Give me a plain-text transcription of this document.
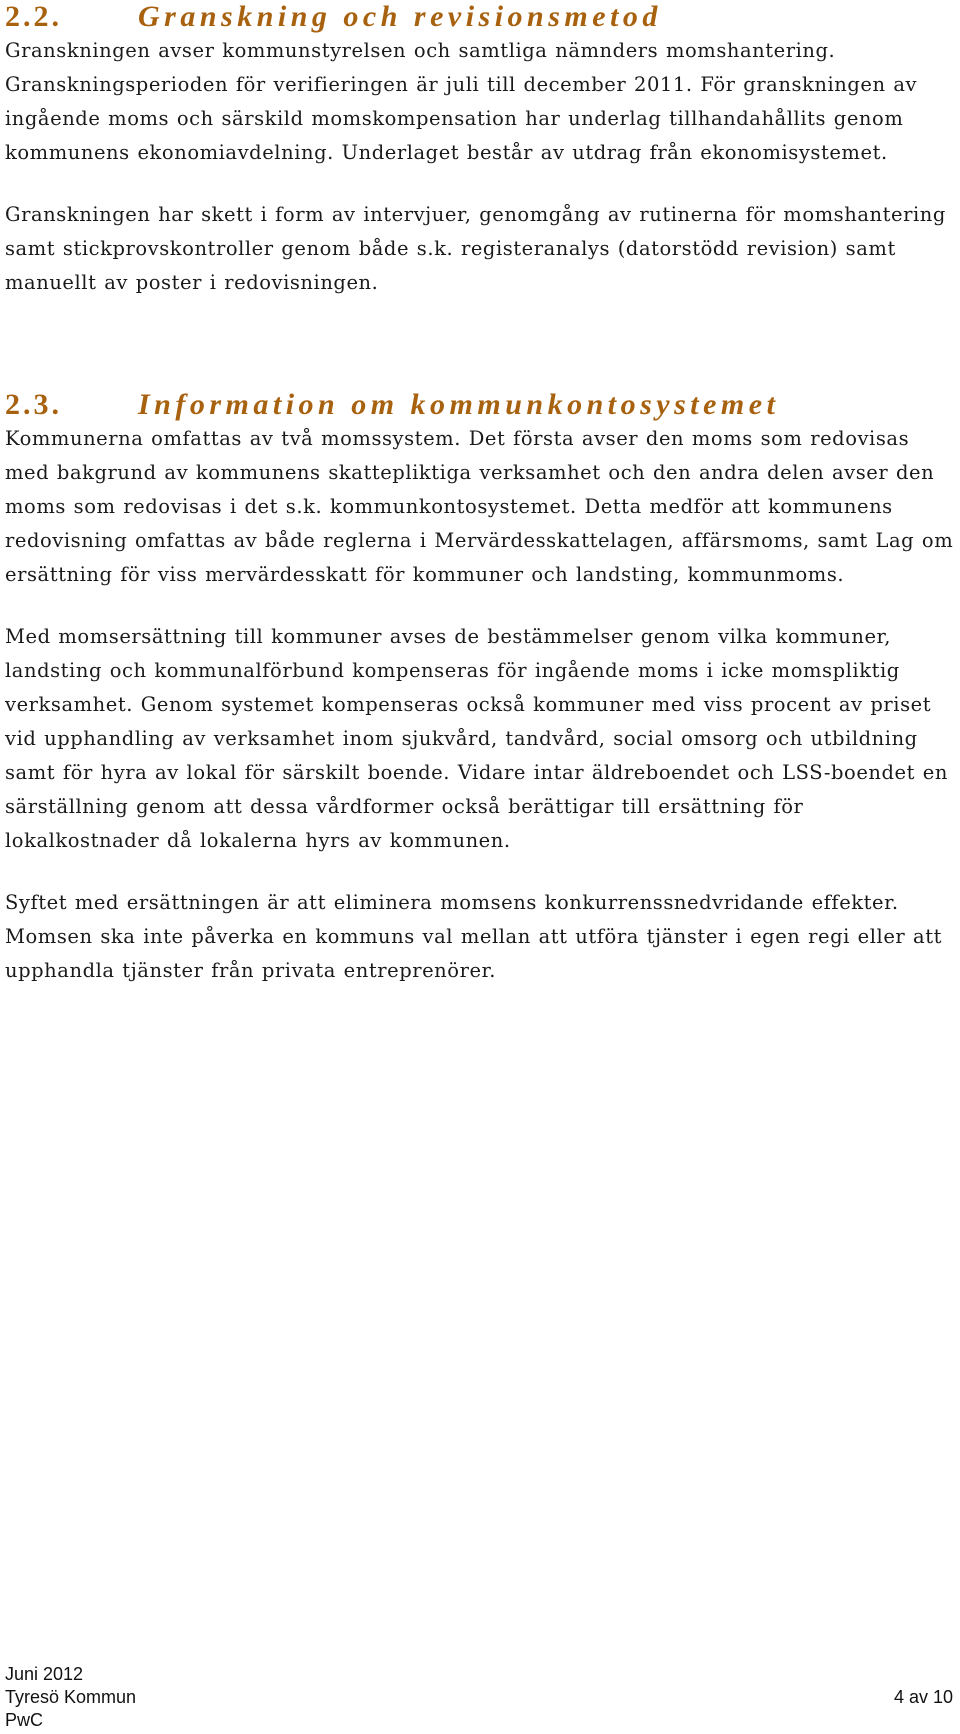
2.2.	Granskning och revisionsmetod

Granskningen avser kommunstyrelsen och samtliga nämnders momshantering. Granskningsperioden för verifieringen är juli till december 2011. För granskningen av ingående moms och särskild momskompensation har underlag tillhandahållits genom kommunens ekonomiavdelning. Underlaget består av utdrag från ekonomisystemet.

Granskningen har skett i form av intervjuer, genomgång av rutinerna för momshantering samt stickprovskontroller genom både s.k. registeranalys (datorstödd revision) samt manuellt av poster i redovisningen.

2.3.	Information om kommunkontosystemet

Kommunerna omfattas av två momssystem. Det första avser den moms som redovisas med bakgrund av kommunens skattepliktiga verksamhet och den andra delen avser den moms som redovisas i det s.k. kommunkontosystemet. Detta medför att kommunens redovisning omfattas av både reglerna i Mervärdesskattelagen, affärsmoms, samt Lag om ersättning för viss mervärdesskatt för kommuner och landsting, kommunmoms.

Med momsersättning till kommuner avses de bestämmelser genom vilka kommuner, landsting och kommunalförbund kompenseras för ingående moms i icke momspliktig verksamhet. Genom systemet kompenseras också kommuner med viss procent av priset vid upphandling av verksamhet inom sjukvård, tandvård, social omsorg och utbildning samt för hyra av lokal för särskilt boende. Vidare intar äldreboendet och LSS-boendet en särställning genom att dessa vårdformer också berättigar till ersättning för lokalkostnader då lokalerna hyrs av kommunen.

Syftet med ersättningen är att eliminera momsens konkurrenssnedvridande effekter. Momsen ska inte påverka en kommuns val mellan att utföra tjänster i egen regi eller att upphandla tjänster från privata entreprenörer.

Juni 2012
Tyresö Kommun	4 av 10
PwC
